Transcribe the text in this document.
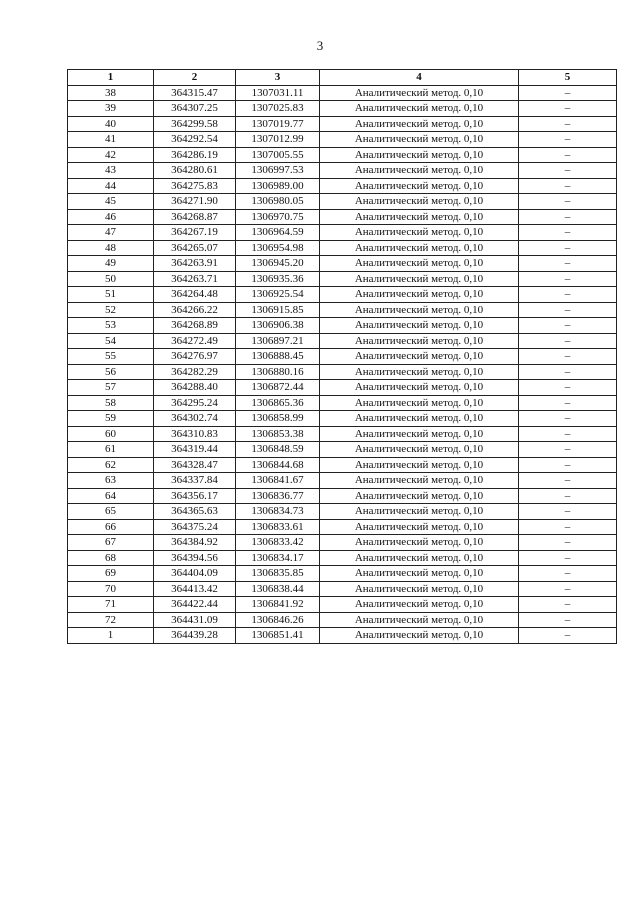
3
1	2	3	4	5
38	364315.47	1307031.11	Аналитический метод. 0,10	–
39	364307.25	1307025.83	Аналитический метод. 0,10	–
40	364299.58	1307019.77	Аналитический метод. 0,10	–
41	364292.54	1307012.99	Аналитический метод. 0,10	–
42	364286.19	1307005.55	Аналитический метод. 0,10	–
43	364280.61	1306997.53	Аналитический метод. 0,10	–
44	364275.83	1306989.00	Аналитический метод. 0,10	–
45	364271.90	1306980.05	Аналитический метод. 0,10	–
46	364268.87	1306970.75	Аналитический метод. 0,10	–
47	364267.19	1306964.59	Аналитический метод. 0,10	–
48	364265.07	1306954.98	Аналитический метод. 0,10	–
49	364263.91	1306945.20	Аналитический метод. 0,10	–
50	364263.71	1306935.36	Аналитический метод. 0,10	–
51	364264.48	1306925.54	Аналитический метод. 0,10	–
52	364266.22	1306915.85	Аналитический метод. 0,10	–
53	364268.89	1306906.38	Аналитический метод. 0,10	–
54	364272.49	1306897.21	Аналитический метод. 0,10	–
55	364276.97	1306888.45	Аналитический метод. 0,10	–
56	364282.29	1306880.16	Аналитический метод. 0,10	–
57	364288.40	1306872.44	Аналитический метод. 0,10	–
58	364295.24	1306865.36	Аналитический метод. 0,10	–
59	364302.74	1306858.99	Аналитический метод. 0,10	–
60	364310.83	1306853.38	Аналитический метод. 0,10	–
61	364319.44	1306848.59	Аналитический метод. 0,10	–
62	364328.47	1306844.68	Аналитический метод. 0,10	–
63	364337.84	1306841.67	Аналитический метод. 0,10	–
64	364356.17	1306836.77	Аналитический метод. 0,10	–
65	364365.63	1306834.73	Аналитический метод. 0,10	–
66	364375.24	1306833.61	Аналитический метод. 0,10	–
67	364384.92	1306833.42	Аналитический метод. 0,10	–
68	364394.56	1306834.17	Аналитический метод. 0,10	–
69	364404.09	1306835.85	Аналитический метод. 0,10	–
70	364413.42	1306838.44	Аналитический метод. 0,10	–
71	364422.44	1306841.92	Аналитический метод. 0,10	–
72	364431.09	1306846.26	Аналитический метод. 0,10	–
1	364439.28	1306851.41	Аналитический метод. 0,10	–
